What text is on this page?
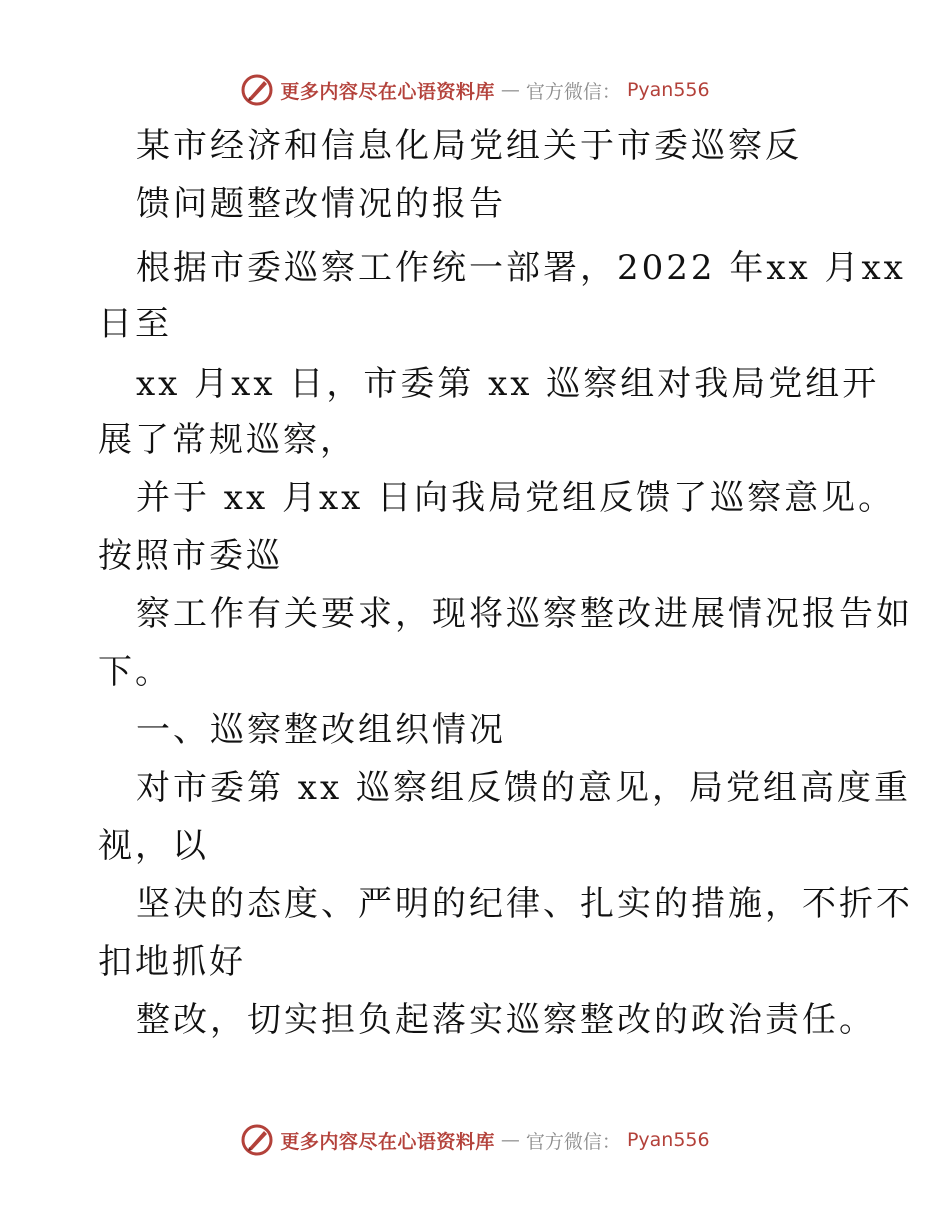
更多内容尽在心语资料库 — 官方微信： Pyan556
某市经济和信息化局党组关于市委巡察反
馈问题整改情况的报告
根据市委巡察工作统一部署，2022 年xx 月xx
日至
xx 月xx 日，市委第 xx 巡察组对我局党组开
展了常规巡察，
并于 xx 月xx 日向我局党组反馈了巡察意见。
按照市委巡
察工作有关要求，现将巡察整改进展情况报告如
下。
一、巡察整改组织情况
对市委第 xx 巡察组反馈的意见，局党组高度重
视，以
坚决的态度、严明的纪律、扎实的措施，不折不
扣地抓好
整改，切实担负起落实巡察整改的政治责任。
更多内容尽在心语资料库 — 官方微信： Pyan556
